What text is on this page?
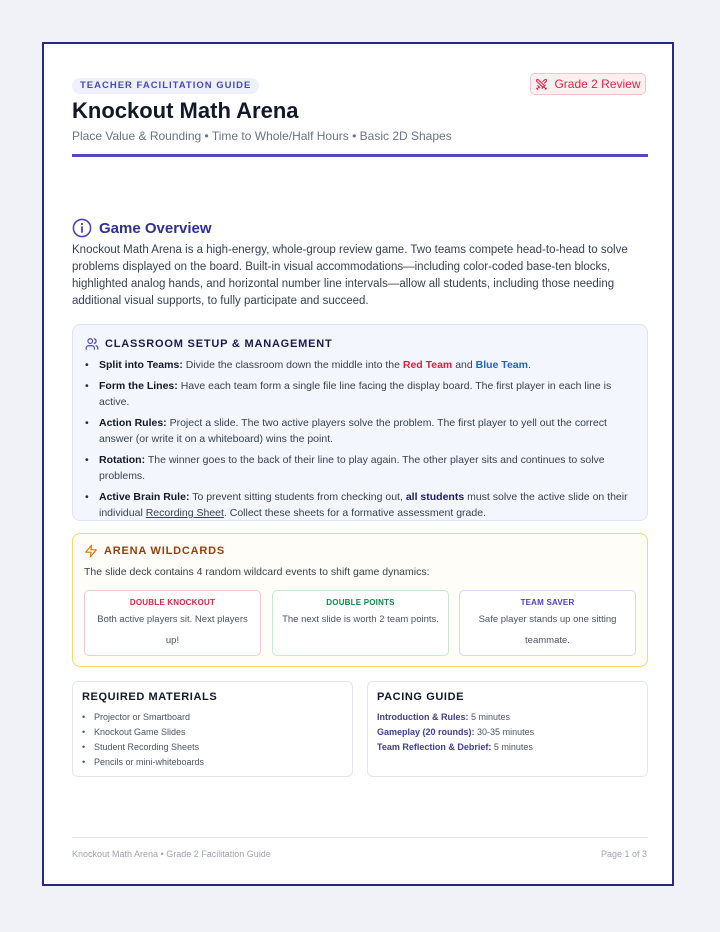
TEACHER FACILITATION GUIDE	Grade 2 Review
Knockout Math Arena
Place Value & Rounding • Time to Whole/Half Hours • Basic 2D Shapes
Game Overview
Knockout Math Arena is a high-energy, whole-group review game. Two teams compete head-to-head to solve problems displayed on the board. Built-in visual accommodations—including color-coded base-ten blocks, highlighted analog hands, and horizontal number line intervals—allow all students, including those needing additional visual supports, to fully participate and succeed.
CLASSROOM SETUP & MANAGEMENT
• Split into Teams: Divide the classroom down the middle into the Red Team and Blue Team.
• Form the Lines: Have each team form a single file line facing the display board. The first player in each line is active.
• Action Rules: Project a slide. The two active players solve the problem. The first player to yell out the correct answer (or write it on a whiteboard) wins the point.
• Rotation: The winner goes to the back of their line to play again. The other player sits and continues to solve problems.
• Active Brain Rule: To prevent sitting students from checking out, all students must solve the active slide on their individual Recording Sheet. Collect these sheets for a formative assessment grade.
ARENA WILDCARDS
The slide deck contains 4 random wildcard events to shift game dynamics:
DOUBLE KNOCKOUT
Both active players sit. Next players up!
DOUBLE POINTS
The next slide is worth 2 team points.
TEAM SAVER
Safe player stands up one sitting teammate.
REQUIRED MATERIALS
• Projector or Smartboard
• Knockout Game Slides
• Student Recording Sheets
• Pencils or mini-whiteboards
PACING GUIDE
Introduction & Rules: 5 minutes
Gameplay (20 rounds): 30-35 minutes
Team Reflection & Debrief: 5 minutes
Knockout Math Arena • Grade 2 Facilitation Guide	Page 1 of 3
